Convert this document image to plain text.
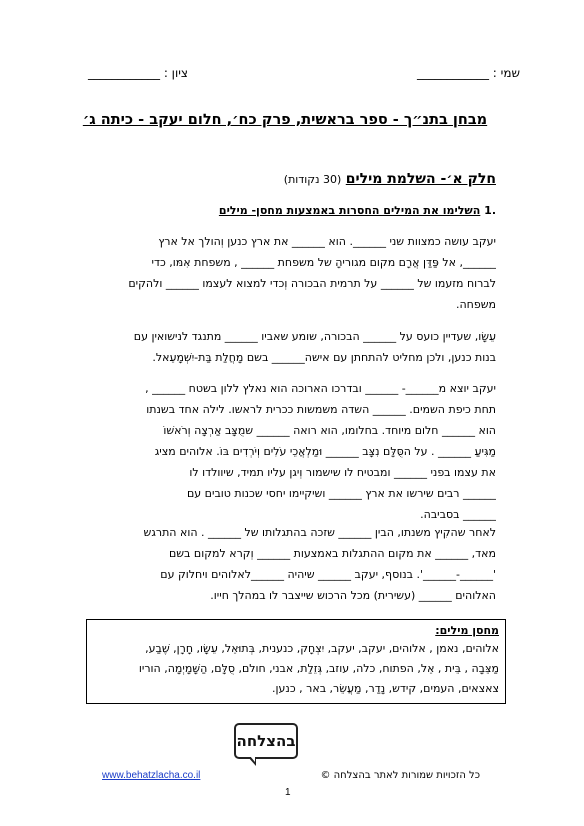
שמי : ____________
ציון : ____________
מבחן בתנ״ך - ספר בראשית, פרק כח׳, חלום יעקב - כיתה ג׳
חלק א׳- השלמת מילים (30 נקודות)
.1 השלימו את המילים החסרות באמצעות מחסן- מילים
יעקב עושה כמצוות שני ______. הוא ______ את ארץ כנען וְהולך אל ארץ
______, אל פַּדַּן אֲרָם מקום מגוריהָ של משפחת ______ , משפחת אִמּו, כדי
לברוח מזעמו של ______ על תרמית הבכורה וְכדי למצוא לעצמו ______ ולהקים
משפחה.
עֵשָׂו, שעדיין כועס על ______ הבכורה, שומע שאביו ______ מתנגד לנישואין עם
בנות כנען, ולכן מחליט להתחתן עם אישה______ בשם מָחֲלַת בַּת-יִשְׁמָעֵאל.
יעקב יוצא מ______- ______ ובדרכו הארוכה הוא נאלץ ללון בשטח ______ ,
תחת כיפת השמים. ______ השדה משמשות ככרית לראשו. לילה אחד בשנתו
הוא ______ חלום מיוחד. בחלומו, הוא רואה ______ שמֻצָּב אַרְצָה וְרֹאשׁוֹ
מַגִּיעַ ______ . על הסֻּלָּם נִצָּב ______ וּמַלְאֲכֵי עֹלִים וְיֹרְדִים בּוֹ. אלוהים מציג
את עצמו בפני ______ ומבטיח לו שישמור וְיגן עליו תמיד, שיוולדו לו
______ רבים שירשו את ארץ ______ ושיקיימו יחסי שכנות טובים עם
______ בסביבה.
לאחר שהקִיץ משנתו, הבין ______ שזכה בהתגלותו של ______ . הוא התרגש
מאד, ______ את מקום ההתגלות באמצעות ______ וְקרא למקום בשם
'______-______'. בנוסף, יעקב ______ שיהיה ______לאלוהים ויחלוק עם
האלוהים ______ (עשירית) מכל הרכוש שייצבר לו במהלך חייו.
מחסן מילים:
אלוהים, נאמן , אלוהים, יעקב, יעקב, יִצְחָק, כנענית, בְּתוּאֵל, עֵשָׂו, חָרָן, שֶׁבַע,
מַצֵּבָה , בֵּית , אֵל, הפתוח, כלה, עוזב, גְּזֵלַת, אבני, חולם, סֻלָּם, הַשָּׁמָיְמָה, הוריו
צאצאים, העמים, קידש, נָדַר, מַעֲשֵׂר, באר , כנען.
בהצלחה
www.behatzlacha.co.il	כל הזכויות שמורות לאתר בהצלחה ©
1
